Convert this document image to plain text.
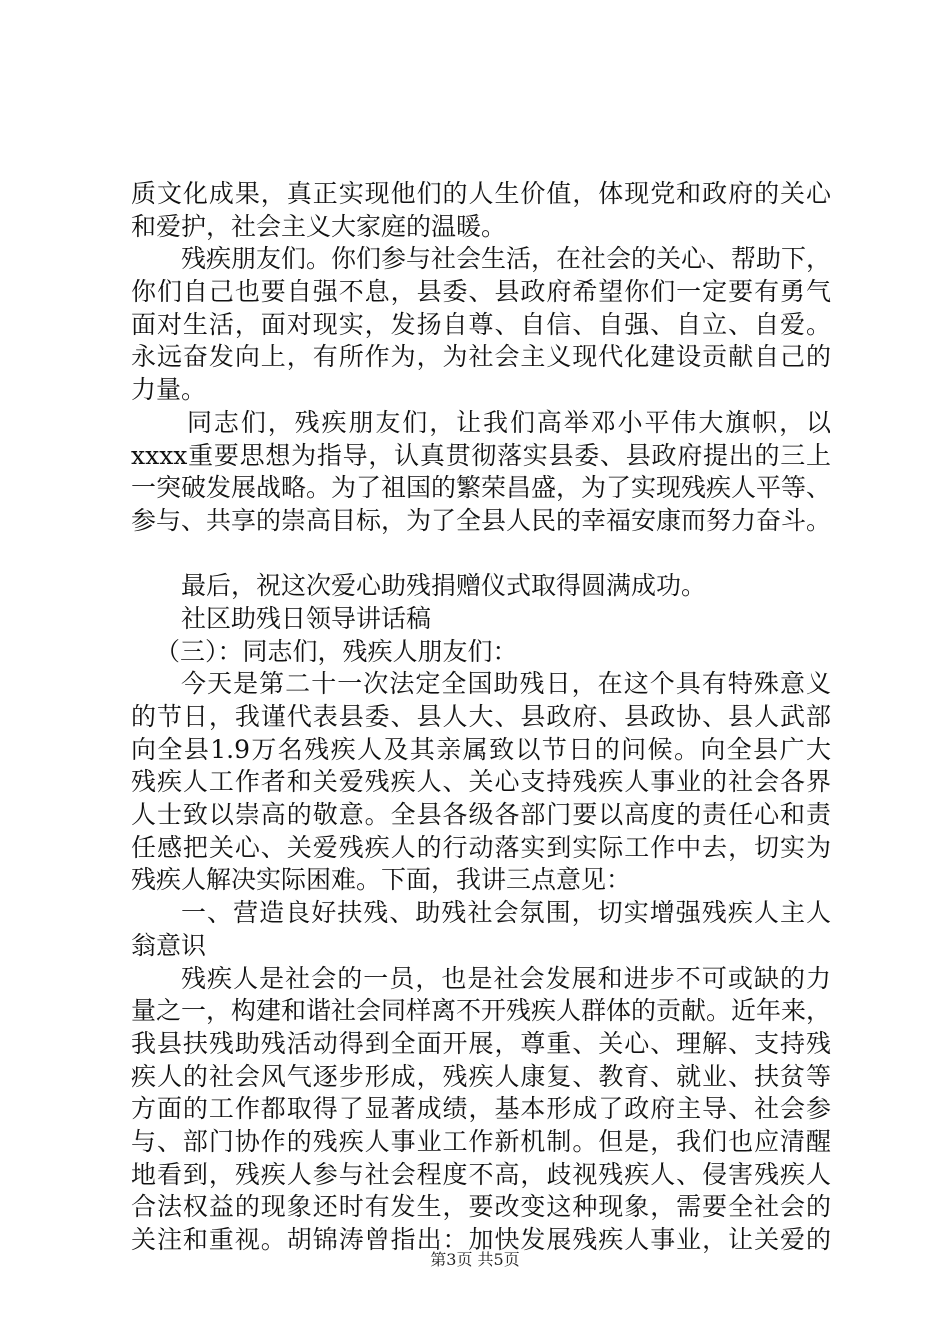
质文化成果，真正实现他们的人生价值，体现党和政府的关心
和爱护，社会主义大家庭的温暖。
残疾朋友们。你们参与社会生活，在社会的关心、帮助下，
你们自己也要自强不息，县委、县政府希望你们一定要有勇气
面对生活，面对现实，发扬自尊、自信、自强、自立、自爱。
永远奋发向上，有所作为，为社会主义现代化建设贡献自己的
力量。
同志们，残疾朋友们，让我们高举邓小平伟大旗帜，以
xxxx重要思想为指导，认真贯彻落实县委、县政府提出的三上
一突破发展战略。为了祖国的繁荣昌盛，为了实现残疾人平等、
参与、共享的崇高目标，为了全县人民的幸福安康而努力奋斗。
最后，祝这次爱心助残捐赠仪式取得圆满成功。
社区助残日领导讲话稿
（三）：同志们，残疾人朋友们：
今天是第二十一次法定全国助残日，在这个具有特殊意义
的节日，我谨代表县委、县人大、县政府、县政协、县人武部
向全县1.9万名残疾人及其亲属致以节日的问候。向全县广大
残疾人工作者和关爱残疾人、关心支持残疾人事业的社会各界
人士致以崇高的敬意。全县各级各部门要以高度的责任心和责
任感把关心、关爱残疾人的行动落实到实际工作中去，切实为
残疾人解决实际困难。下面，我讲三点意见：
一、营造良好扶残、助残社会氛围，切实增强残疾人主人
翁意识
残疾人是社会的一员，也是社会发展和进步不可或缺的力
量之一，构建和谐社会同样离不开残疾人群体的贡献。近年来，
我县扶残助残活动得到全面开展，尊重、关心、理解、支持残
疾人的社会风气逐步形成，残疾人康复、教育、就业、扶贫等
方面的工作都取得了显著成绩，基本形成了政府主导、社会参
与、部门协作的残疾人事业工作新机制。但是，我们也应清醒
地看到，残疾人参与社会程度不高，歧视残疾人、侵害残疾人
合法权益的现象还时有发生，要改变这种现象，需要全社会的
关注和重视。胡锦涛曾指出：加快发展残疾人事业，让关爱的
第3页 共5页
